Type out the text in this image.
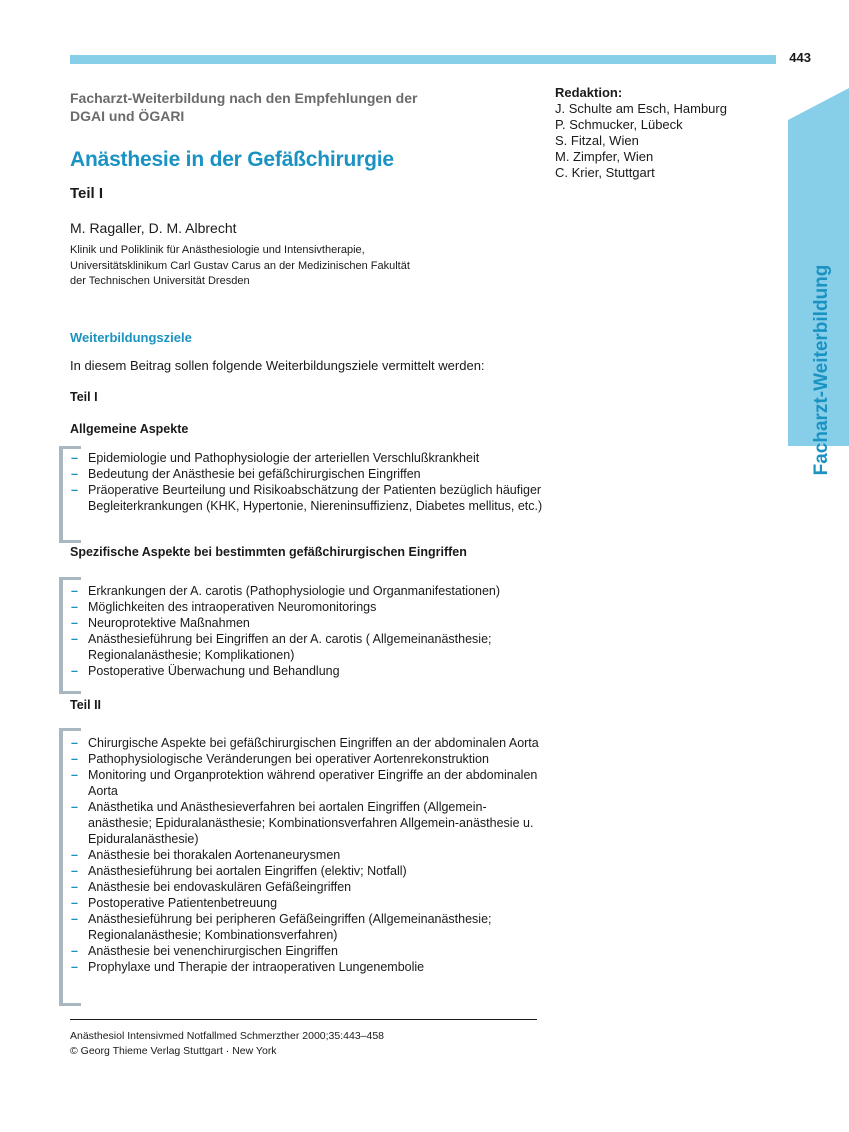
443
Facharzt-Weiterbildung nach den Empfehlungen der DGAI und ÖGARI
Anästhesie in der Gefäßchirurgie
Teil I
M. Ragaller, D. M. Albrecht
Klinik und Poliklinik für Anästhesiologie und Intensivtherapie,
Universitätsklinikum Carl Gustav Carus an der Medizinischen Fakultät
der Technischen Universität Dresden
Redaktion:
J. Schulte am Esch, Hamburg
P. Schmucker, Lübeck
S. Fitzal, Wien
M. Zimpfer, Wien
C. Krier, Stuttgart
Facharzt-Weiterbildung
Weiterbildungsziele
In diesem Beitrag sollen folgende Weiterbildungsziele vermittelt werden:
Teil I
Allgemeine Aspekte
– Epidemiologie und Pathophysiologie der arteriellen Verschlußkrankheit
– Bedeutung der Anästhesie bei gefäßchirurgischen Eingriffen
– Präoperative Beurteilung und Risikoabschätzung der Patienten bezüglich häufiger Begleiterkrankungen (KHK, Hypertonie, Niereninsuffizienz, Diabetes mellitus, etc.)
Spezifische Aspekte bei bestimmten gefäßchirurgischen Eingriffen
– Erkrankungen der A. carotis (Pathophysiologie und Organmanifestationen)
– Möglichkeiten des intraoperativen Neuromonitorings
– Neuroprotektive Maßnahmen
– Anästhesieführung bei Eingriffen an der A. carotis ( Allgemeinanästhesie; Regionalanästhesie; Komplikationen)
– Postoperative Überwachung und Behandlung
Teil II
– Chirurgische Aspekte bei gefäßchirurgischen Eingriffen an der abdominalen Aorta
– Pathophysiologische Veränderungen bei operativer Aortenrekonstruktion
– Monitoring und Organprotektion während operativer Eingriffe an der abdominalen Aorta
– Anästhetika und Anästhesieverfahren bei aortalen Eingriffen (Allgemein-anästhesie; Epiduralanästhesie; Kombinationsverfahren Allgemein-anästhesie u. Epiduralanästhesie)
– Anästhesie bei thorakalen Aortenaneurysmen
– Anästhesieführung bei aortalen Eingriffen (elektiv; Notfall)
– Anästhesie bei endovaskulären Gefäßeingriffen
– Postoperative Patientenbetreuung
– Anästhesieführung bei peripheren Gefäßeingriffen (Allgemeinanästhesie; Regionalanästhesie; Kombinationsverfahren)
– Anästhesie bei venenchirurgischen Eingriffen
– Prophylaxe und Therapie der intraoperativen Lungenembolie
Anästhesiol Intensivmed Notfallmed Schmerzther 2000;35:443–458
© Georg Thieme Verlag Stuttgart · New York
